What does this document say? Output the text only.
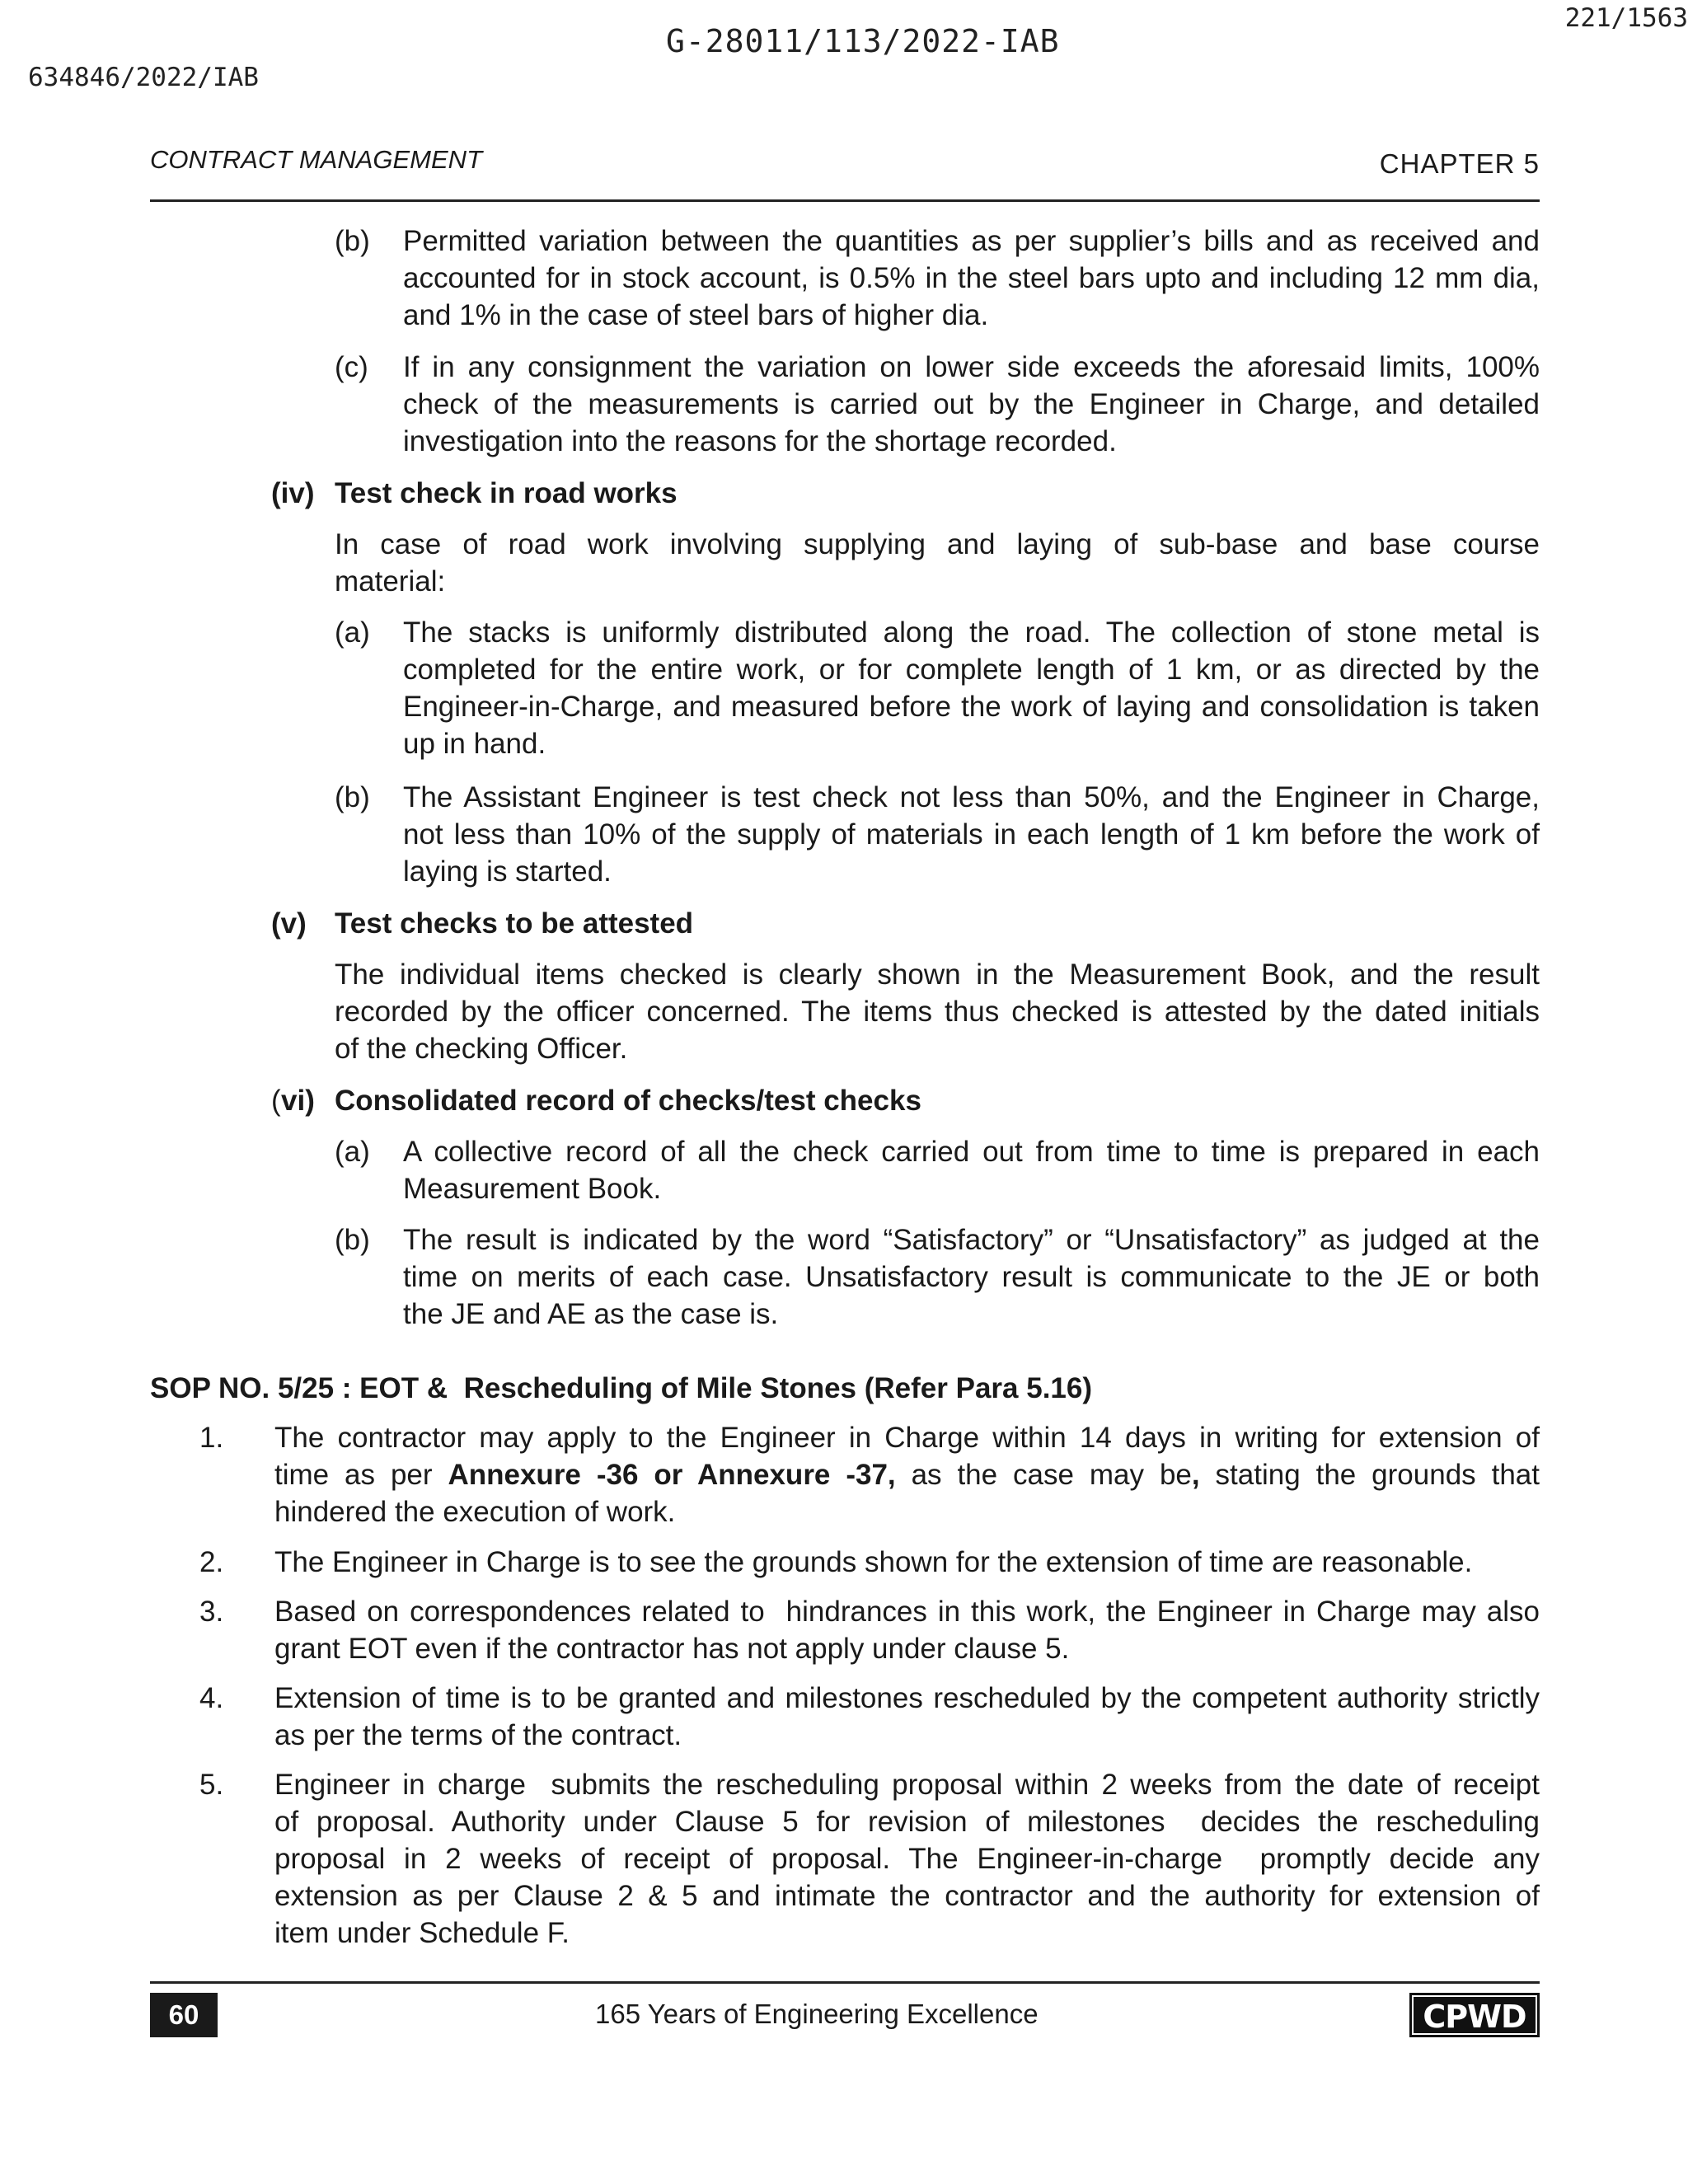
G-28011/113/2022-IAB
221/1563
634846/2022/IAB
CONTRACT MANAGEMENT	CHAPTER 5
(b) Permitted variation between the quantities as per supplier’s bills and as received and
accounted for in stock account, is 0.5% in the steel bars upto and including 12 mm dia,
and 1% in the case of steel bars of higher dia.
(c) If in any consignment the variation on lower side exceeds the aforesaid limits, 100%
check of the measurements is carried out by the Engineer in Charge, and detailed
investigation into the reasons for the shortage recorded.
(iv) Test check in road works
In case of road work involving supplying and laying of sub-base and base course
material:
(a) The stacks is uniformly distributed along the road. The collection of stone metal is
completed for the entire work, or for complete length of 1 km, or as directed by the
Engineer-in-Charge, and measured before the work of laying and consolidation is taken
up in hand.
(b) The Assistant Engineer is test check not less than 50%, and the Engineer in Charge,
not less than 10% of the supply of materials in each length of 1 km before the work of
laying is started.
(v) Test checks to be attested
The individual items checked is clearly shown in the Measurement Book, and the result
recorded by the officer concerned. The items thus checked is attested by the dated initials
of the checking Officer.
( vi) Consolidated record of checks/test checks
(a) A collective record of all the check carried out from time to time is prepared in each
Measurement Book.
(b) The result is indicated by the word “Satisfactory” or “Unsatisfactory” as judged at the
time on merits of each case. Unsatisfactory result is communicate to the JE or both
the JE and AE as the case is.
SOP NO. 5/25 : EOT &  Rescheduling of Mile Stones (Refer Para 5.16)
1. The contractor may apply to the Engineer in Charge within 14 days in writing for extension of
time as per Annexure -36 or Annexure -37, as the case may be, stating the grounds that
hindered the execution of work.
2. The Engineer in Charge is to see the grounds shown for the extension of time are reasonable.
3. Based on correspondences related to  hindrances in this work, the Engineer in Charge may also
grant EOT even if the contractor has not apply under clause 5.
4. Extension of time is to be granted and milestones rescheduled by the competent authority strictly
as per the terms of the contract.
5. Engineer in charge  submits the rescheduling proposal within 2 weeks from the date of receipt
of proposal. Authority under Clause 5 for revision of milestones  decides the rescheduling
proposal in 2 weeks of receipt of proposal. The Engineer-in-charge  promptly decide any
extension as per Clause 2 & 5 and intimate the contractor and the authority for extension of
item under Schedule F.
60	165 Years of Engineering Excellence	CPWD
